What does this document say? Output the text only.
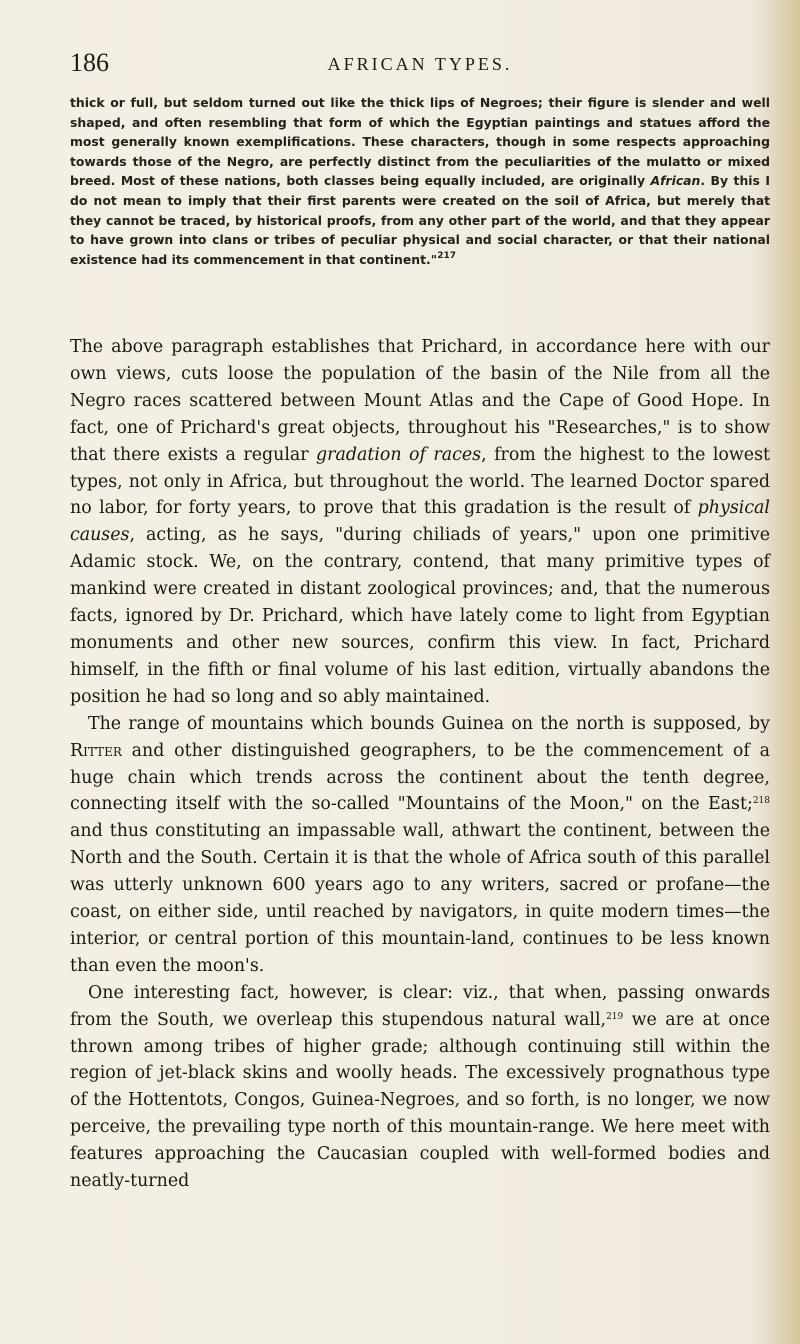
186	AFRICAN TYPES.
thick or full, but seldom turned out like the thick lips of Negroes; their figure is slender and well shaped, and often resembling that form of which the Egyptian paintings and statues afford the most generally known exemplifications. These characters, though in some respects approaching towards those of the Negro, are perfectly distinct from the peculiarities of the mulatto or mixed breed. Most of these nations, both classes being equally included, are originally African. By this I do not mean to imply that their first parents were created on the soil of Africa, but merely that they cannot be traced, by historical proofs, from any other part of the world, and that they appear to have grown into clans or tribes of peculiar physical and social character, or that their national existence had its commencement in that continent."$^{217}$

The above paragraph establishes that Prichard, in accordance here with our own views, cuts loose the population of the basin of the Nile from all the Negro races scattered between Mount Atlas and the Cape of Good Hope. In fact, one of Prichard's great objects, throughout his "Researches," is to show that there exists a regular gradation of races, from the highest to the lowest types, not only in Africa, but throughout the world. The learned Doctor spared no labor, for forty years, to prove that this gradation is the result of physical causes, acting, as he says, "during chiliads of years," upon one primitive Adamic stock. We, on the contrary, contend, that many primitive types of mankind were created in distant zoological provinces; and, that the numerous facts, ignored by Dr. Prichard, which have lately come to light from Egyptian monuments and other new sources, confirm this view. In fact, Prichard himself, in the fifth or final volume of his last edition, virtually abandons the position he had so long and so ably maintained.

The range of mountains which bounds Guinea on the north is supposed, by Ritter and other distinguished geographers, to be the commencement of a huge chain which trends across the continent about the tenth degree, connecting itself with the so-called "Mountains of the Moon," on the East;$^{218}$ and thus constituting an impassable wall, athwart the continent, between the North and the South. Certain it is that the whole of Africa south of this parallel was utterly unknown 600 years ago to any writers, sacred or profane—the coast, on either side, until reached by navigators, in quite modern times—the interior, or central portion of this mountain-land, continues to be less known than even the moon's.

One interesting fact, however, is clear: viz., that when, passing onwards from the South, we overleap this stupendous natural wall,$^{219}$ we are at once thrown among tribes of higher grade; although continuing still within the region of jet-black skins and woolly heads. The excessively prognathous type of the Hottentots, Congos, Guinea-Negroes, and so forth, is no longer, we now perceive, the prevailing type north of this mountain-range. We here meet with features approaching the Caucasian coupled with well-formed bodies and neatly-turned
